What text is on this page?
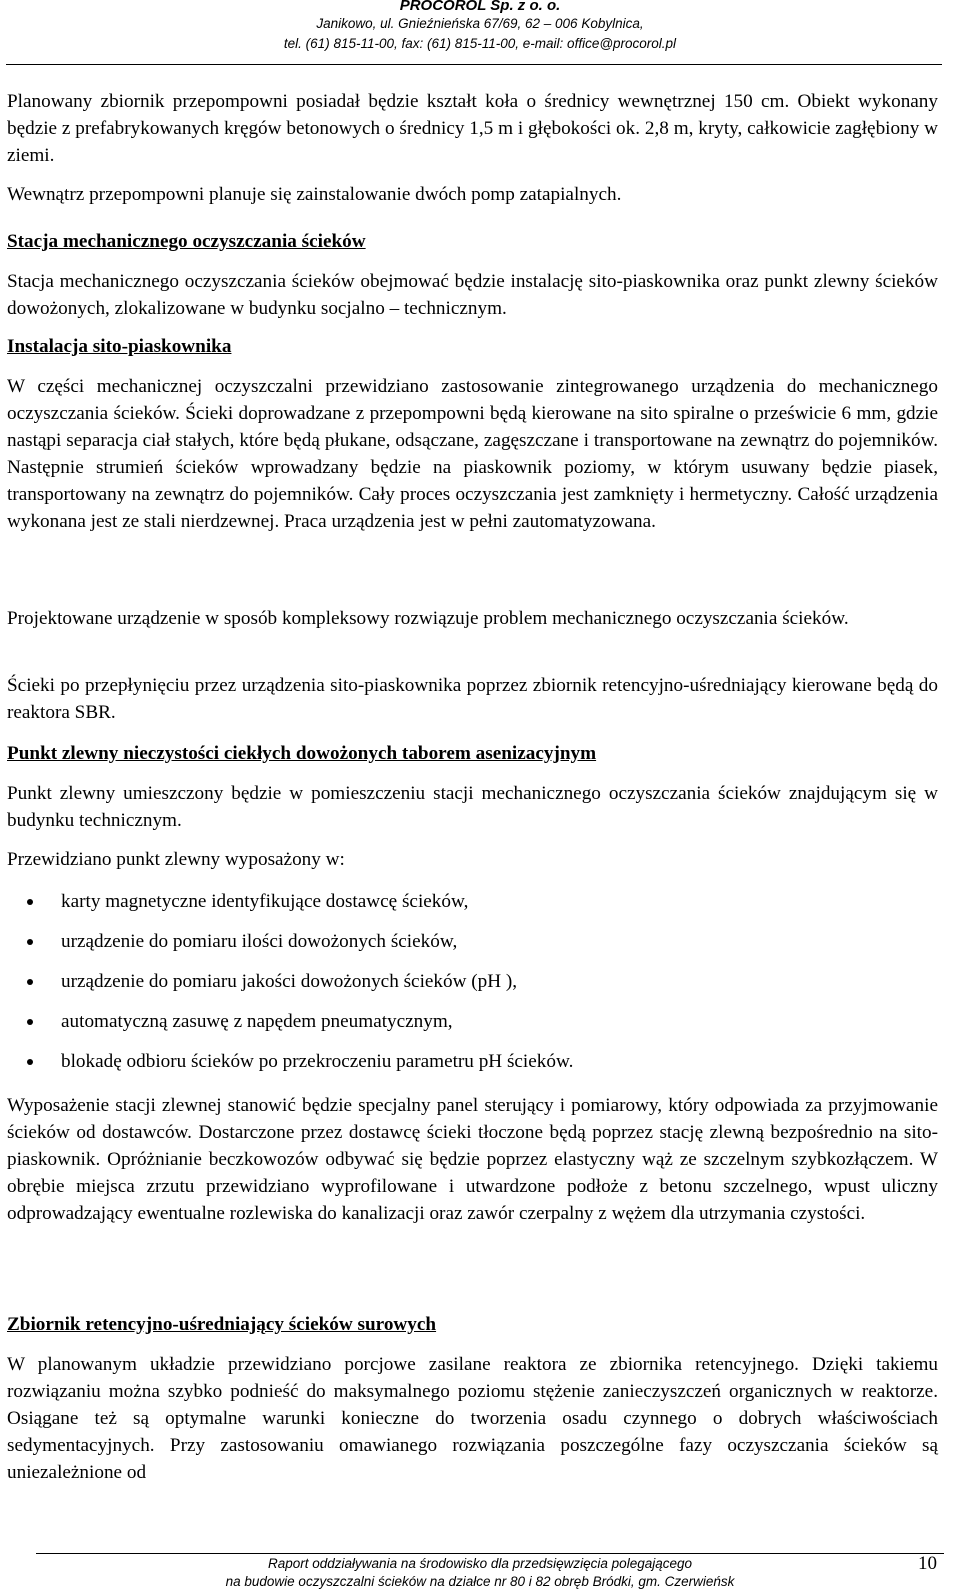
PROCOROL Sp. z o. o.
Janikowo, ul. Gnieźnieńska 67/69, 62 – 006 Kobylnica,
tel. (61) 815-11-00, fax: (61) 815-11-00, e-mail: office@procorol.pl

Planowany zbiornik przepompowni posiadał będzie kształt koła o średnicy wewnętrznej 150 cm. Obiekt wykonany będzie z prefabrykowanych kręgów betonowych o średnicy 1,5 m i głębokości ok. 2,8 m, kryty, całkowicie zagłębiony w ziemi.

Wewnątrz przepompowni planuje się zainstalowanie dwóch pomp zatapialnych.

Stacja mechanicznego oczyszczania ścieków

Stacja mechanicznego oczyszczania ścieków obejmować będzie instalację sito-piaskownika oraz punkt zlewny ścieków dowożonych, zlokalizowane w budynku socjalno – technicznym.

Instalacja sito-piaskownika

W części mechanicznej oczyszczalni przewidziano zastosowanie zintegrowanego urządzenia do mechanicznego oczyszczania ścieków. Ścieki doprowadzane z przepompowni będą kierowane na sito spiralne o prześwicie 6 mm, gdzie nastąpi separacja ciał stałych, które będą płukane, odsączane, zagęszczane i transportowane na zewnątrz do pojemników. Następnie strumień ścieków wprowadzany będzie na piaskownik poziomy, w którym usuwany będzie piasek, transportowany na zewnątrz do pojemników. Cały proces oczyszczania jest zamknięty i hermetyczny. Całość urządzenia wykonana jest ze stali nierdzewnej. Praca urządzenia jest w pełni zautomatyzowana.

Projektowane urządzenie w sposób kompleksowy rozwiązuje problem mechanicznego oczyszczania ścieków.

Ścieki po przepłynięciu przez urządzenia sito-piaskownika poprzez zbiornik retencyjno-uśredniający kierowane będą do reaktora SBR.

Punkt zlewny nieczystości ciekłych dowożonych taborem asenizacyjnym

Punkt zlewny umieszczony będzie w pomieszczeniu stacji mechanicznego oczyszczania ścieków znajdującym się w budynku technicznym.

Przewidziano punkt zlewny wyposażony w:

karty magnetyczne identyfikujące dostawcę ścieków,
urządzenie do pomiaru ilości dowożonych ścieków,
urządzenie do pomiaru jakości dowożonych ścieków (pH ),
automatyczną zasuwę z napędem pneumatycznym,
blokadę odbioru ścieków po przekroczeniu parametru pH ścieków.

Wyposażenie stacji zlewnej stanowić będzie specjalny panel sterujący i pomiarowy, który odpowiada za przyjmowanie ścieków od dostawców. Dostarczone przez dostawcę ścieki tłoczone będą poprzez stację zlewną bezpośrednio na sito-piaskownik. Opróżnianie beczkowozów odbywać się będzie poprzez elastyczny wąż ze szczelnym szybkozłączem. W obrębie miejsca zrzutu przewidziano wyprofilowane i utwardzone podłoże z betonu szczelnego, wpust uliczny odprowadzający ewentualne rozlewiska do kanalizacji oraz zawór czerpalny z wężem dla utrzymania czystości.

Zbiornik retencyjno-uśredniający ścieków surowych

W planowanym układzie przewidziano porcjowe zasilane reaktora ze zbiornika retencyjnego. Dzięki takiemu rozwiązaniu można szybko podnieść do maksymalnego poziomu stężenie zanieczyszczeń organicznych w reaktorze. Osiągane też są optymalne warunki konieczne do tworzenia osadu czynnego o dobrych właściwościach sedymentacyjnych. Przy zastosowaniu omawianego rozwiązania poszczególne fazy oczyszczania ścieków są uniezależnione od

Raport oddziaływania na środowisko dla przedsięwzięcia polegającego
na budowie oczyszczalni ścieków na działce nr 80 i 82 obręb Bródki, gm. Czerwieńsk
10
